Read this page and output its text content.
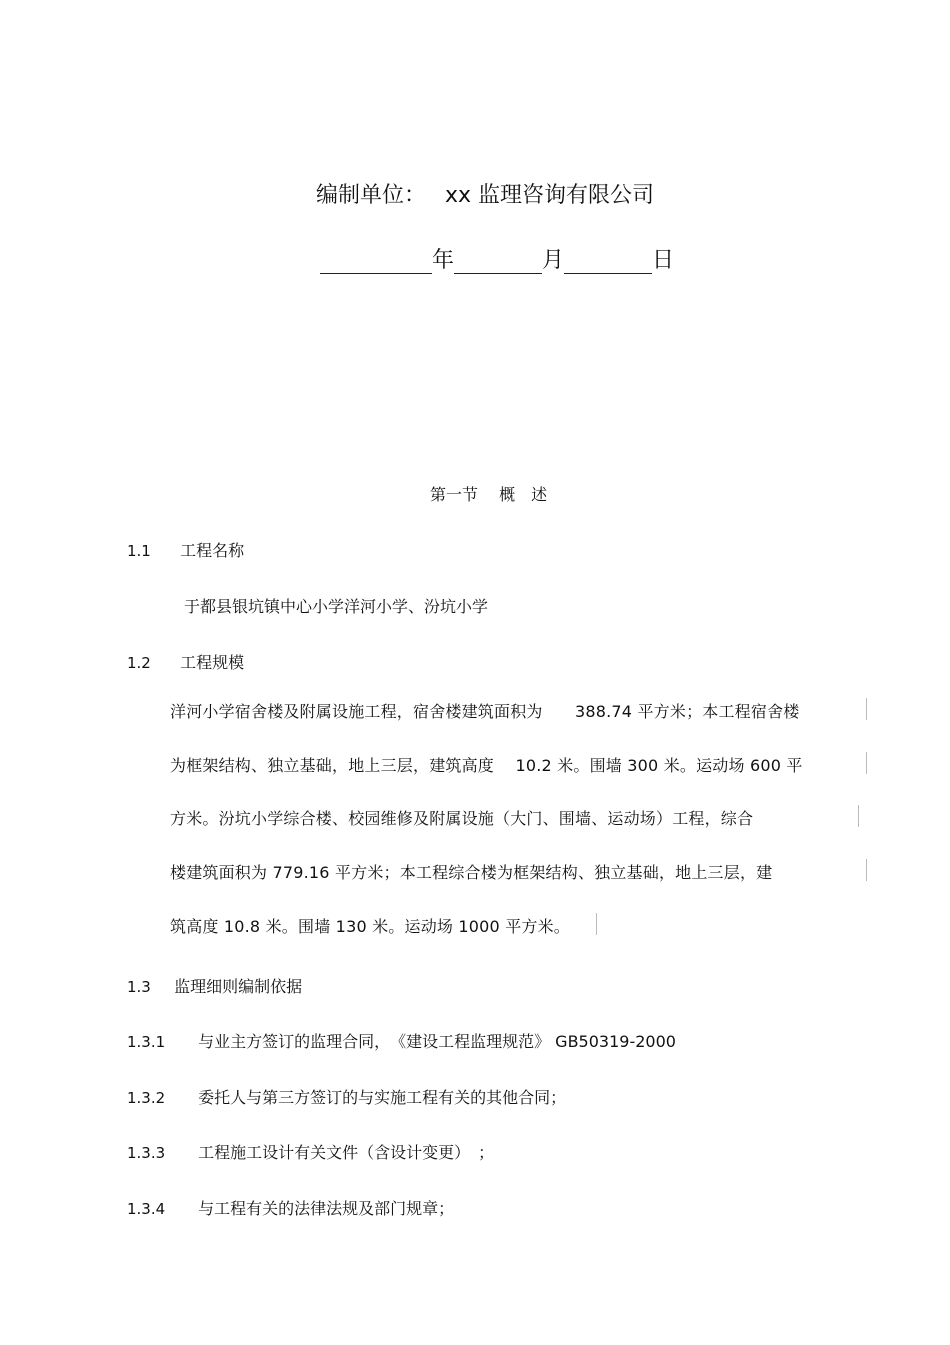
编制单位： xx 监理咨询有限公司
年	月	日
第一节　 概　述
1.1 工程名称
于都县银坑镇中心小学洋河小学、汾坑小学
1.2 工程规模
洋河小学宿舍楼及附属设施工程，宿舍楼建筑面积为　　388.74 平方米；本工程宿舍楼
为框架结构、独立基础，地上三层，建筑高度　 10.2 米。围墙 300 米。运动场 600 平
方米。汾坑小学综合楼、校园维修及附属设施（大门、围墙、运动场）工程，综合
楼建筑面积为 779.16 平方米；本工程综合楼为框架结构、独立基础，地上三层，建
筑高度 10.8 米。围墙 130 米。运动场 1000 平方米。
1.3 监理细则编制依据
1.3.1 与业主方签订的监理合同，　《建设工程监理规范》 GB50319-2000
1.3.2 委托人与第三方签订的与实施工程有关的其他合同；
1.3.3 工程施工设计有关文件（含设计变更）　；
1.3.4 与工程有关的法律法规及部门规章；
